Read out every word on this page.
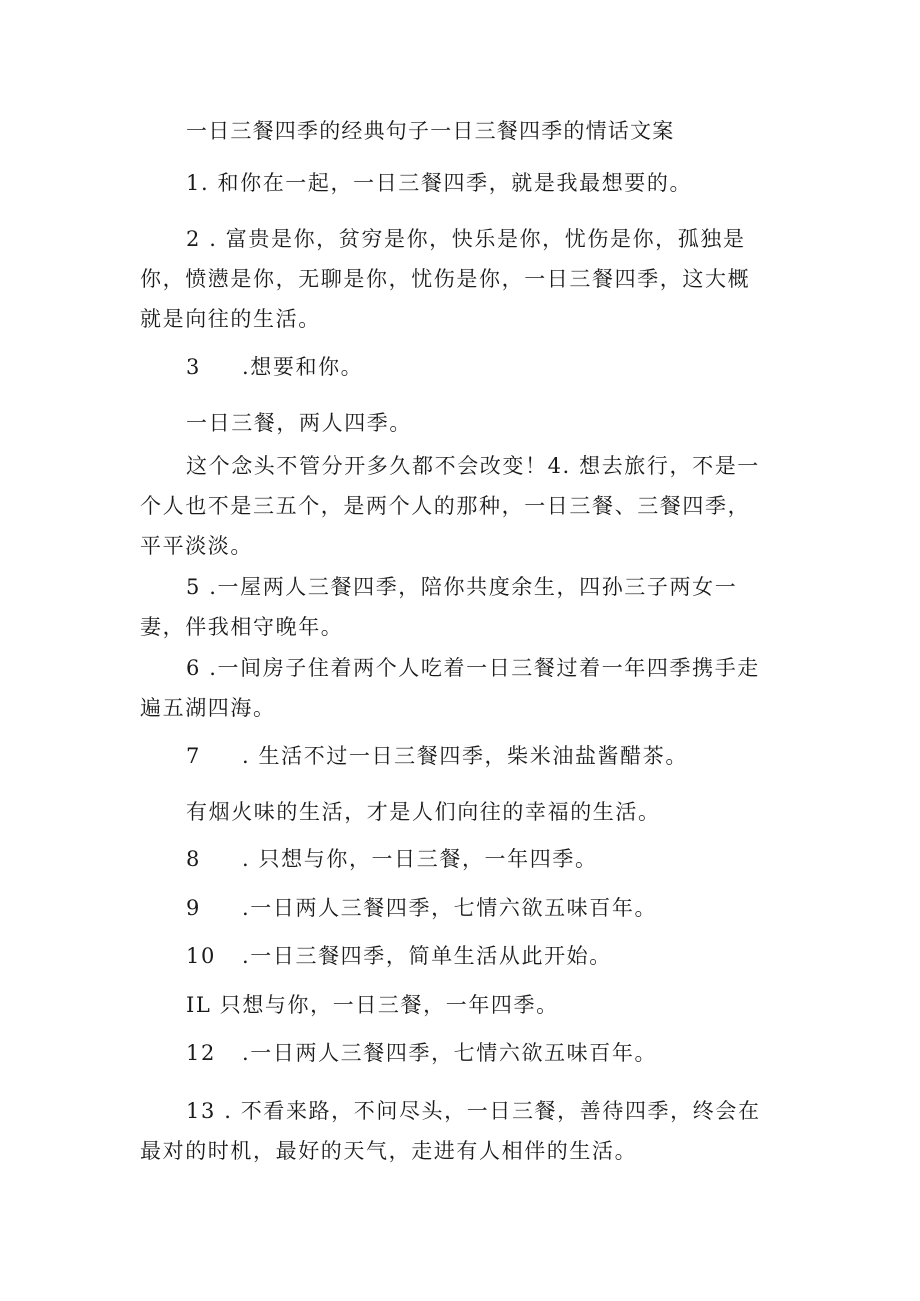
一日三餐四季的经典句子一日三餐四季的情话文案
1. 和你在一起，一日三餐四季，就是我最想要的。
2 . 富贵是你，贫穷是你，快乐是你，忧伤是你，孤独是
你，愤懑是你，无聊是你，忧伤是你，一日三餐四季，这大概
就是向往的生活。
3 .想要和你。
一日三餐，两人四季。
这个念头不管分开多久都不会改变！4. 想去旅行，不是一
个人也不是三五个，是两个人的那种，一日三餐、三餐四季，
平平淡淡。
5 .一屋两人三餐四季，陪你共度余生，四孙三子两女一
妻，伴我相守晚年。
6 .一间房子住着两个人吃着一日三餐过着一年四季携手走
遍五湖四海。
7 . 生活不过一日三餐四季，柴米油盐酱醋茶。
有烟火味的生活，才是人们向往的幸福的生活。
8 . 只想与你，一日三餐，一年四季。
9 .一日两人三餐四季，七情六欲五味百年。
10 .一日三餐四季，简单生活从此开始。
IL 只想与你，一日三餐，一年四季。
12 .一日两人三餐四季，七情六欲五味百年。
13 . 不看来路，不问尽头，一日三餐，善待四季，终会在
最对的时机，最好的天气，走进有人相伴的生活。
